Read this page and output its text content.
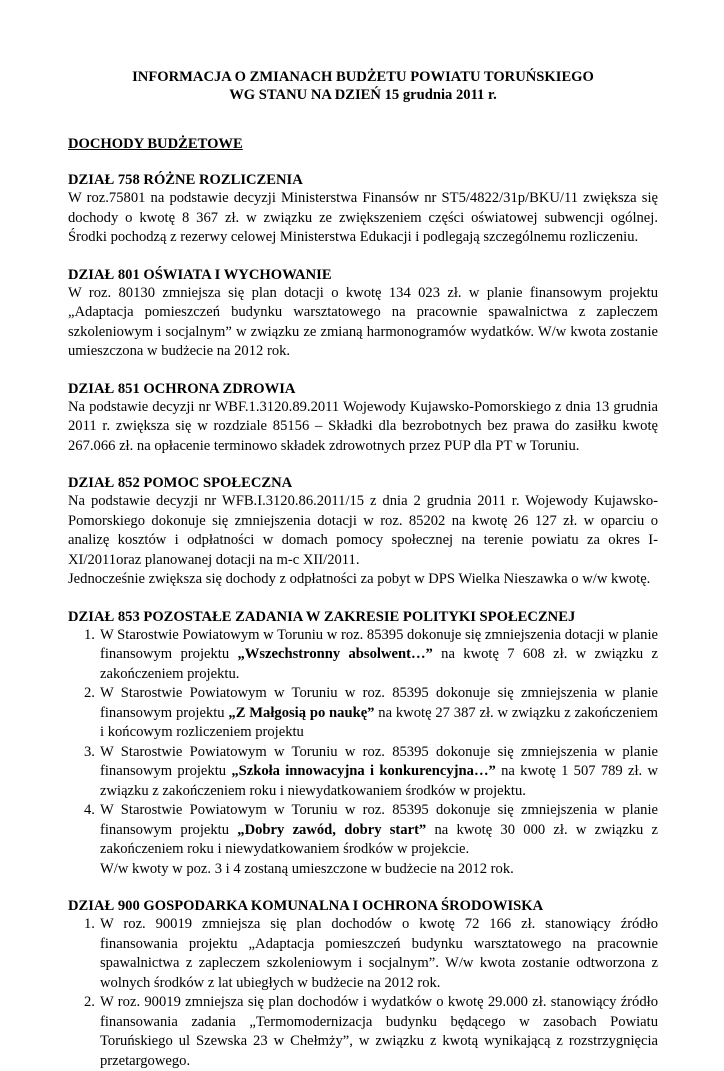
INFORMACJA O ZMIANACH BUDŻETU POWIATU TORUŃSKIEGO

WG STANU NA DZIEŃ 15 grudnia 2011 r.

DOCHODY BUDŻETOWE

DZIAŁ 758 RÓŻNE ROZLICZENIA

W roz.75801 na podstawie decyzji Ministerstwa Finansów nr ST5/4822/31p/BKU/11 zwiększa się dochody o kwotę 8 367 zł. w związku ze zwiększeniem części oświatowej subwencji ogólnej. Środki pochodzą z rezerwy celowej Ministerstwa Edukacji i podlegają szczególnemu rozliczeniu.

DZIAŁ 801 OŚWIATA I WYCHOWANIE

W roz. 80130 zmniejsza się plan dotacji o kwotę 134 023 zł. w planie finansowym projektu „Adaptacja pomieszczeń budynku warsztatowego na pracownie spawalnictwa z zapleczem szkoleniowym i socjalnym” w związku ze zmianą harmonogramów wydatków. W/w kwota zostanie umieszczona w budżecie na 2012 rok.

DZIAŁ 851 OCHRONA ZDROWIA

Na podstawie decyzji nr WBF.1.3120.89.2011 Wojewody Kujawsko-Pomorskiego z dnia 13 grudnia 2011 r. zwiększa się w rozdziale 85156 – Składki dla bezrobotnych bez prawa do zasiłku kwotę 267.066 zł. na opłacenie terminowo składek zdrowotnych przez PUP dla PT w Toruniu.

DZIAŁ 852 POMOC SPOŁECZNA

Na podstawie decyzji nr WFB.I.3120.86.2011/15 z dnia 2 grudnia 2011 r. Wojewody Kujawsko-Pomorskiego dokonuje się zmniejszenia dotacji w roz. 85202 na kwotę 26 127 zł. w oparciu o analizę kosztów i odpłatności w domach pomocy społecznej na terenie powiatu za okres I-XI/2011oraz planowanej dotacji na m-c XII/2011.

Jednocześnie zwiększa się dochody z odpłatności za pobyt w DPS Wielka Nieszawka o w/w kwotę.

DZIAŁ 853 POZOSTAŁE ZADANIA W ZAKRESIE POLITYKI SPOŁECZNEJ

1. W Starostwie Powiatowym w Toruniu w roz. 85395 dokonuje się zmniejszenia dotacji w planie finansowym projektu „Wszechstronny absolwent…” na kwotę 7 608 zł. w związku z zakończeniem projektu.
2. W Starostwie Powiatowym w Toruniu w roz. 85395 dokonuje się zmniejszenia w planie finansowym projektu „Z Małgosią po naukę” na kwotę 27 387 zł. w związku z zakończeniem i końcowym rozliczeniem projektu
3. W Starostwie Powiatowym w Toruniu w roz. 85395 dokonuje się zmniejszenia w planie finansowym projektu „Szkoła innowacyjna i konkurencyjna…” na kwotę 1 507 789 zł. w związku z zakończeniem roku i niewydatkowaniem środków w projektu.
4. W Starostwie Powiatowym w Toruniu w roz. 85395 dokonuje się zmniejszenia w planie finansowym projektu „Dobry zawód, dobry start” na kwotę 30 000 zł. w związku z zakończeniem roku i niewydatkowaniem środków w projekcie.

W/w kwoty w poz. 3 i 4 zostaną umieszczone w budżecie na 2012 rok.

DZIAŁ 900 GOSPODARKA KOMUNALNA I OCHRONA ŚRODOWISKA

1. W roz. 90019 zmniejsza się plan dochodów o kwotę 72 166 zł. stanowiący źródło finansowania projektu „Adaptacja pomieszczeń budynku warsztatowego na pracownie spawalnictwa z zapleczem szkoleniowym i socjalnym”. W/w kwota zostanie odtworzona z wolnych środków z lat ubiegłych w budżecie na 2012 rok.
2. W roz. 90019 zmniejsza się plan dochodów i wydatków o kwotę 29.000 zł. stanowiący źródło finansowania zadania „Termomodernizacja budynku będącego w zasobach Powiatu Toruńskiego ul Szewska 23 w Chełmży”, w związku z kwotą wynikającą z rozstrzygnięcia przetargowego.
